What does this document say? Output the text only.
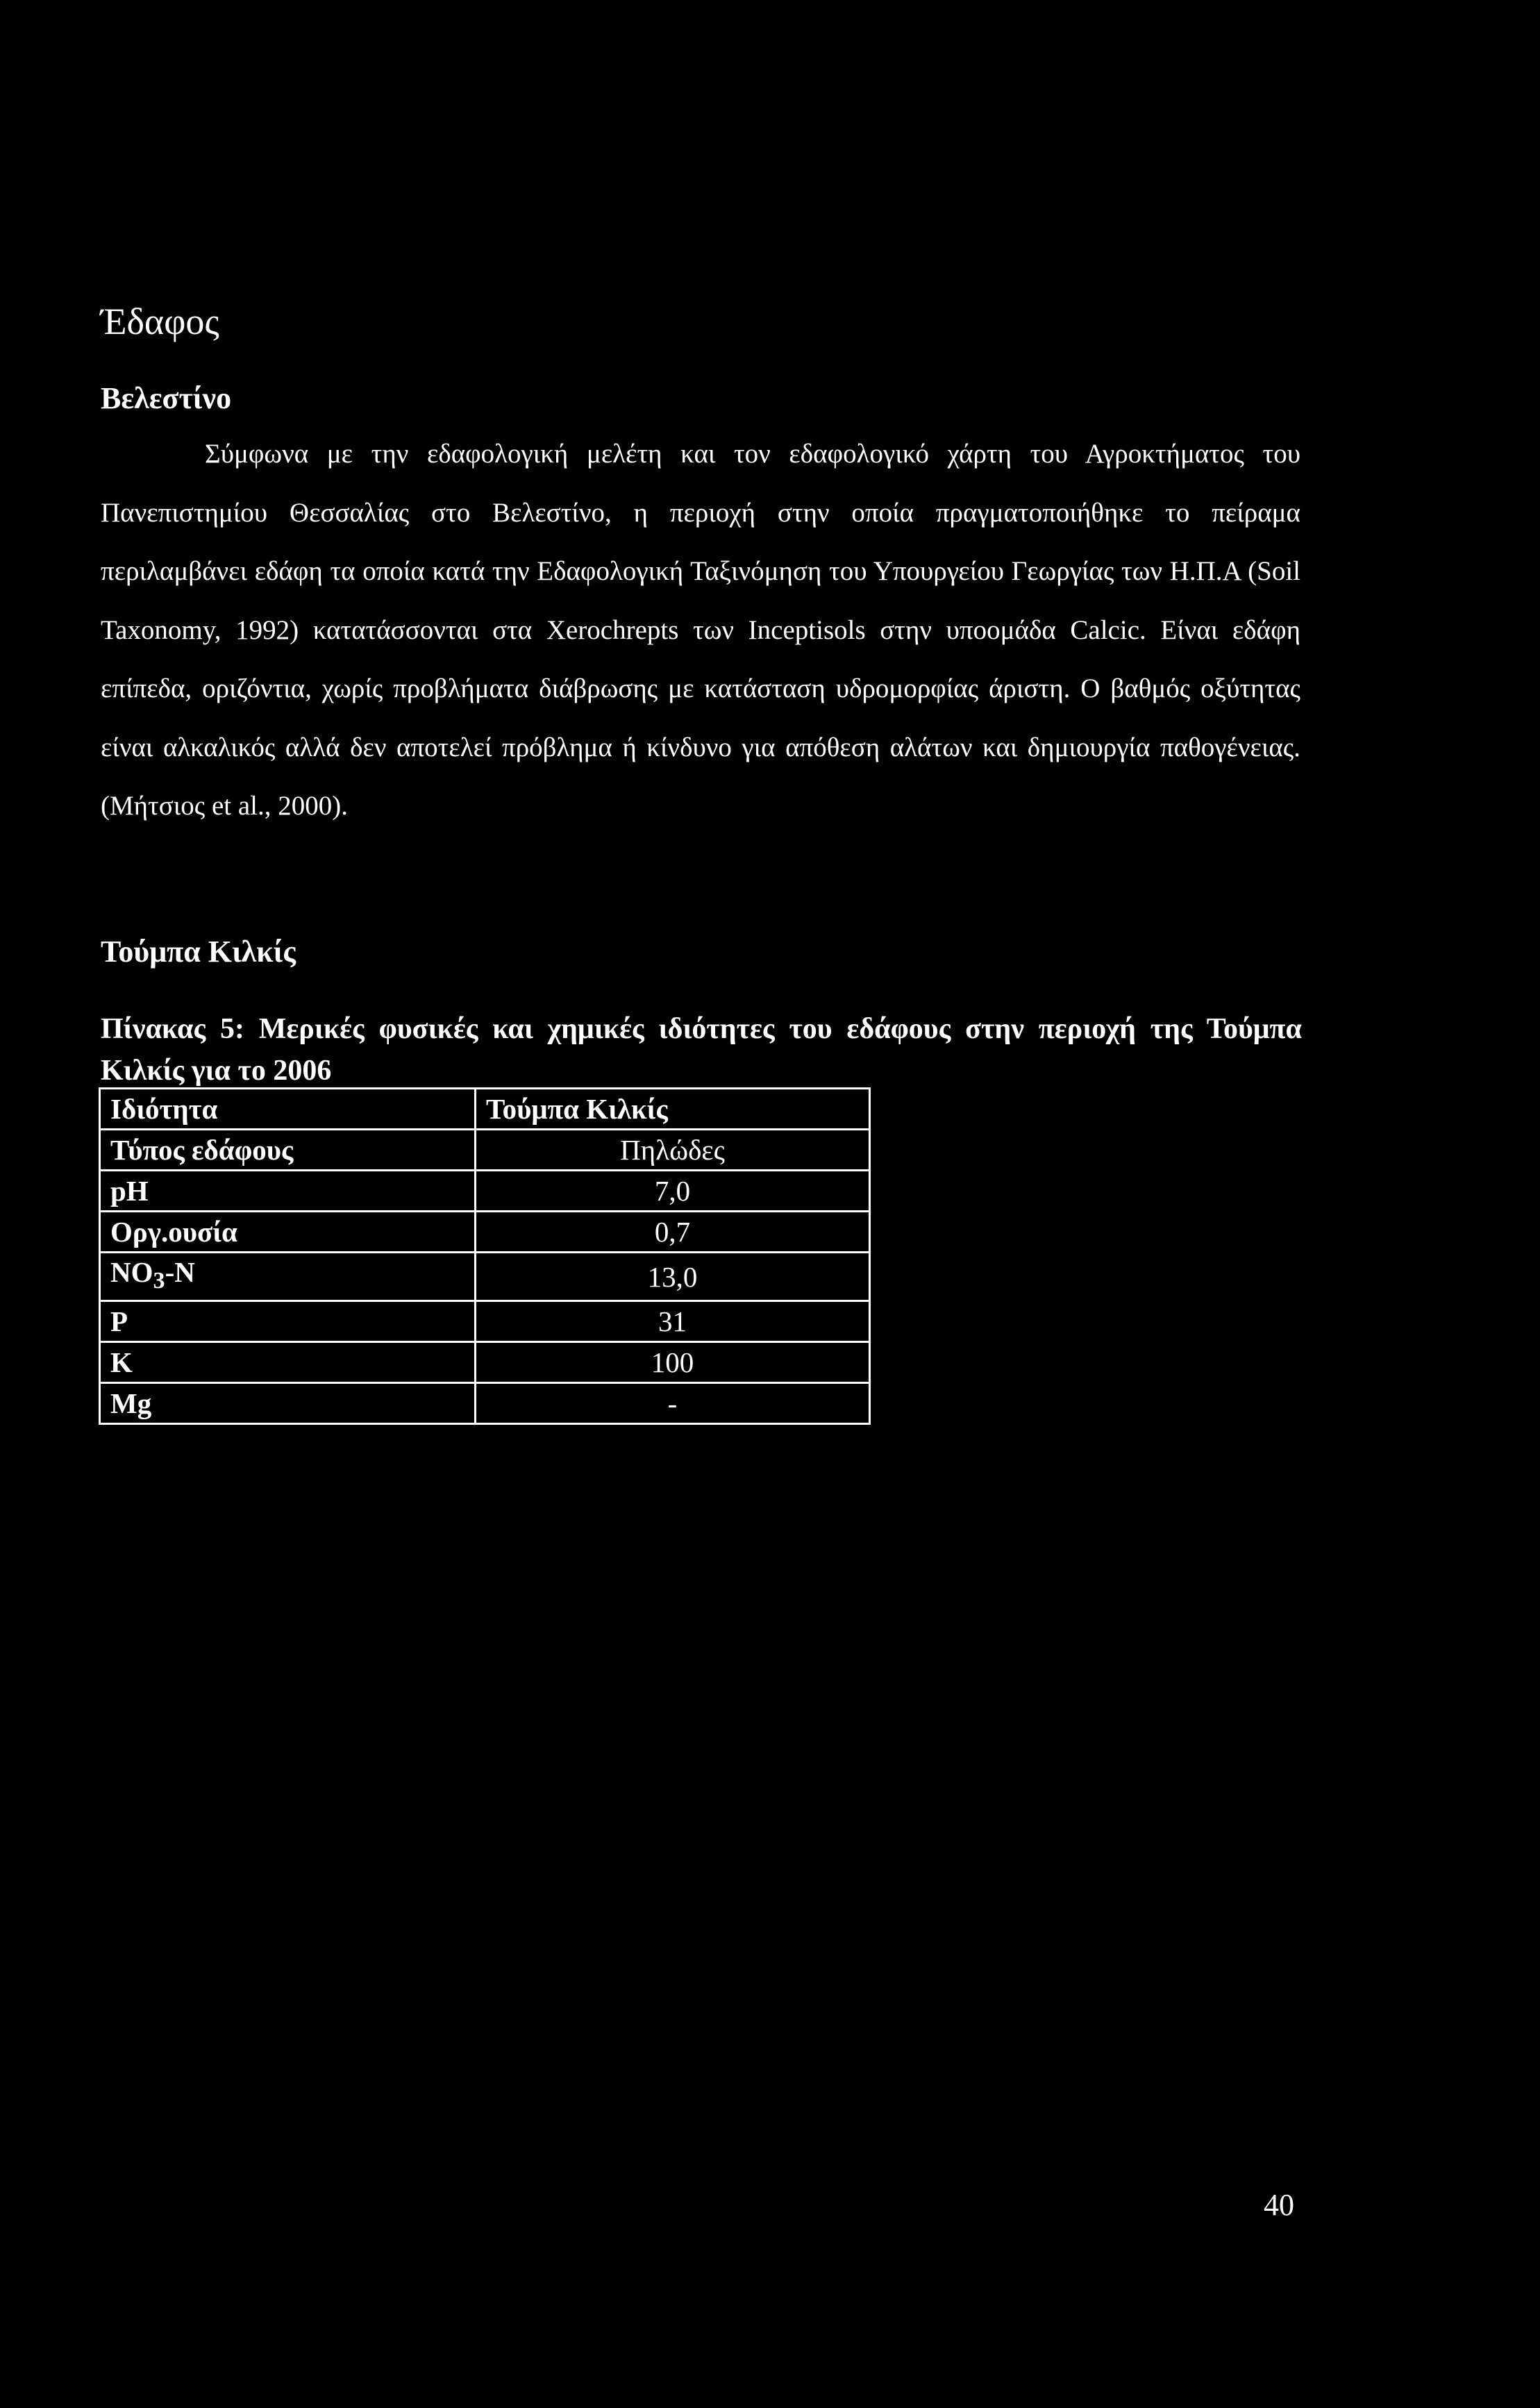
Έδαφος
Βελεστίνο

Σύμφωνα με την εδαφολογική μελέτη και τον εδαφολογικό χάρτη του Αγροκτήματος του Πανεπιστημίου Θεσσαλίας στο Βελεστίνο, η περιοχή στην οποία πραγματοποιήθηκε το πείραμα περιλαμβάνει εδάφη τα οποία κατά την Εδαφολογική Ταξινόμηση του Υπουργείου Γεωργίας των Η.Π.Α (Soil Taxonomy, 1992) κατατάσσονται στα Xerochrepts των Inceptisols στην υποομάδα Calcic. Είναι εδάφη επίπεδα, οριζόντια, χωρίς προβλήματα διάβρωσης με κατάσταση υδρομορφίας άριστη. Ο βαθμός οξύτητας είναι αλκαλικός αλλά δεν αποτελεί πρόβλημα ή κίνδυνο για απόθεση αλάτων και δημιουργία παθογένειας. (Μήτσιος et al., 2000).

Τούμπα Κιλκίς

Πίνακας 5: Μερικές φυσικές και χημικές ιδιότητες του εδάφους στην περιοχή της Τούμπα Κιλκίς για το 2006

Ιδιότητα	Τούμπα Κιλκίς
Τύπος εδάφους	Πηλώδες
pH	7,0
Οργ.ουσία	0,7
$NO_3-N$	13,0
P	31
K	100
Mg	-

40
